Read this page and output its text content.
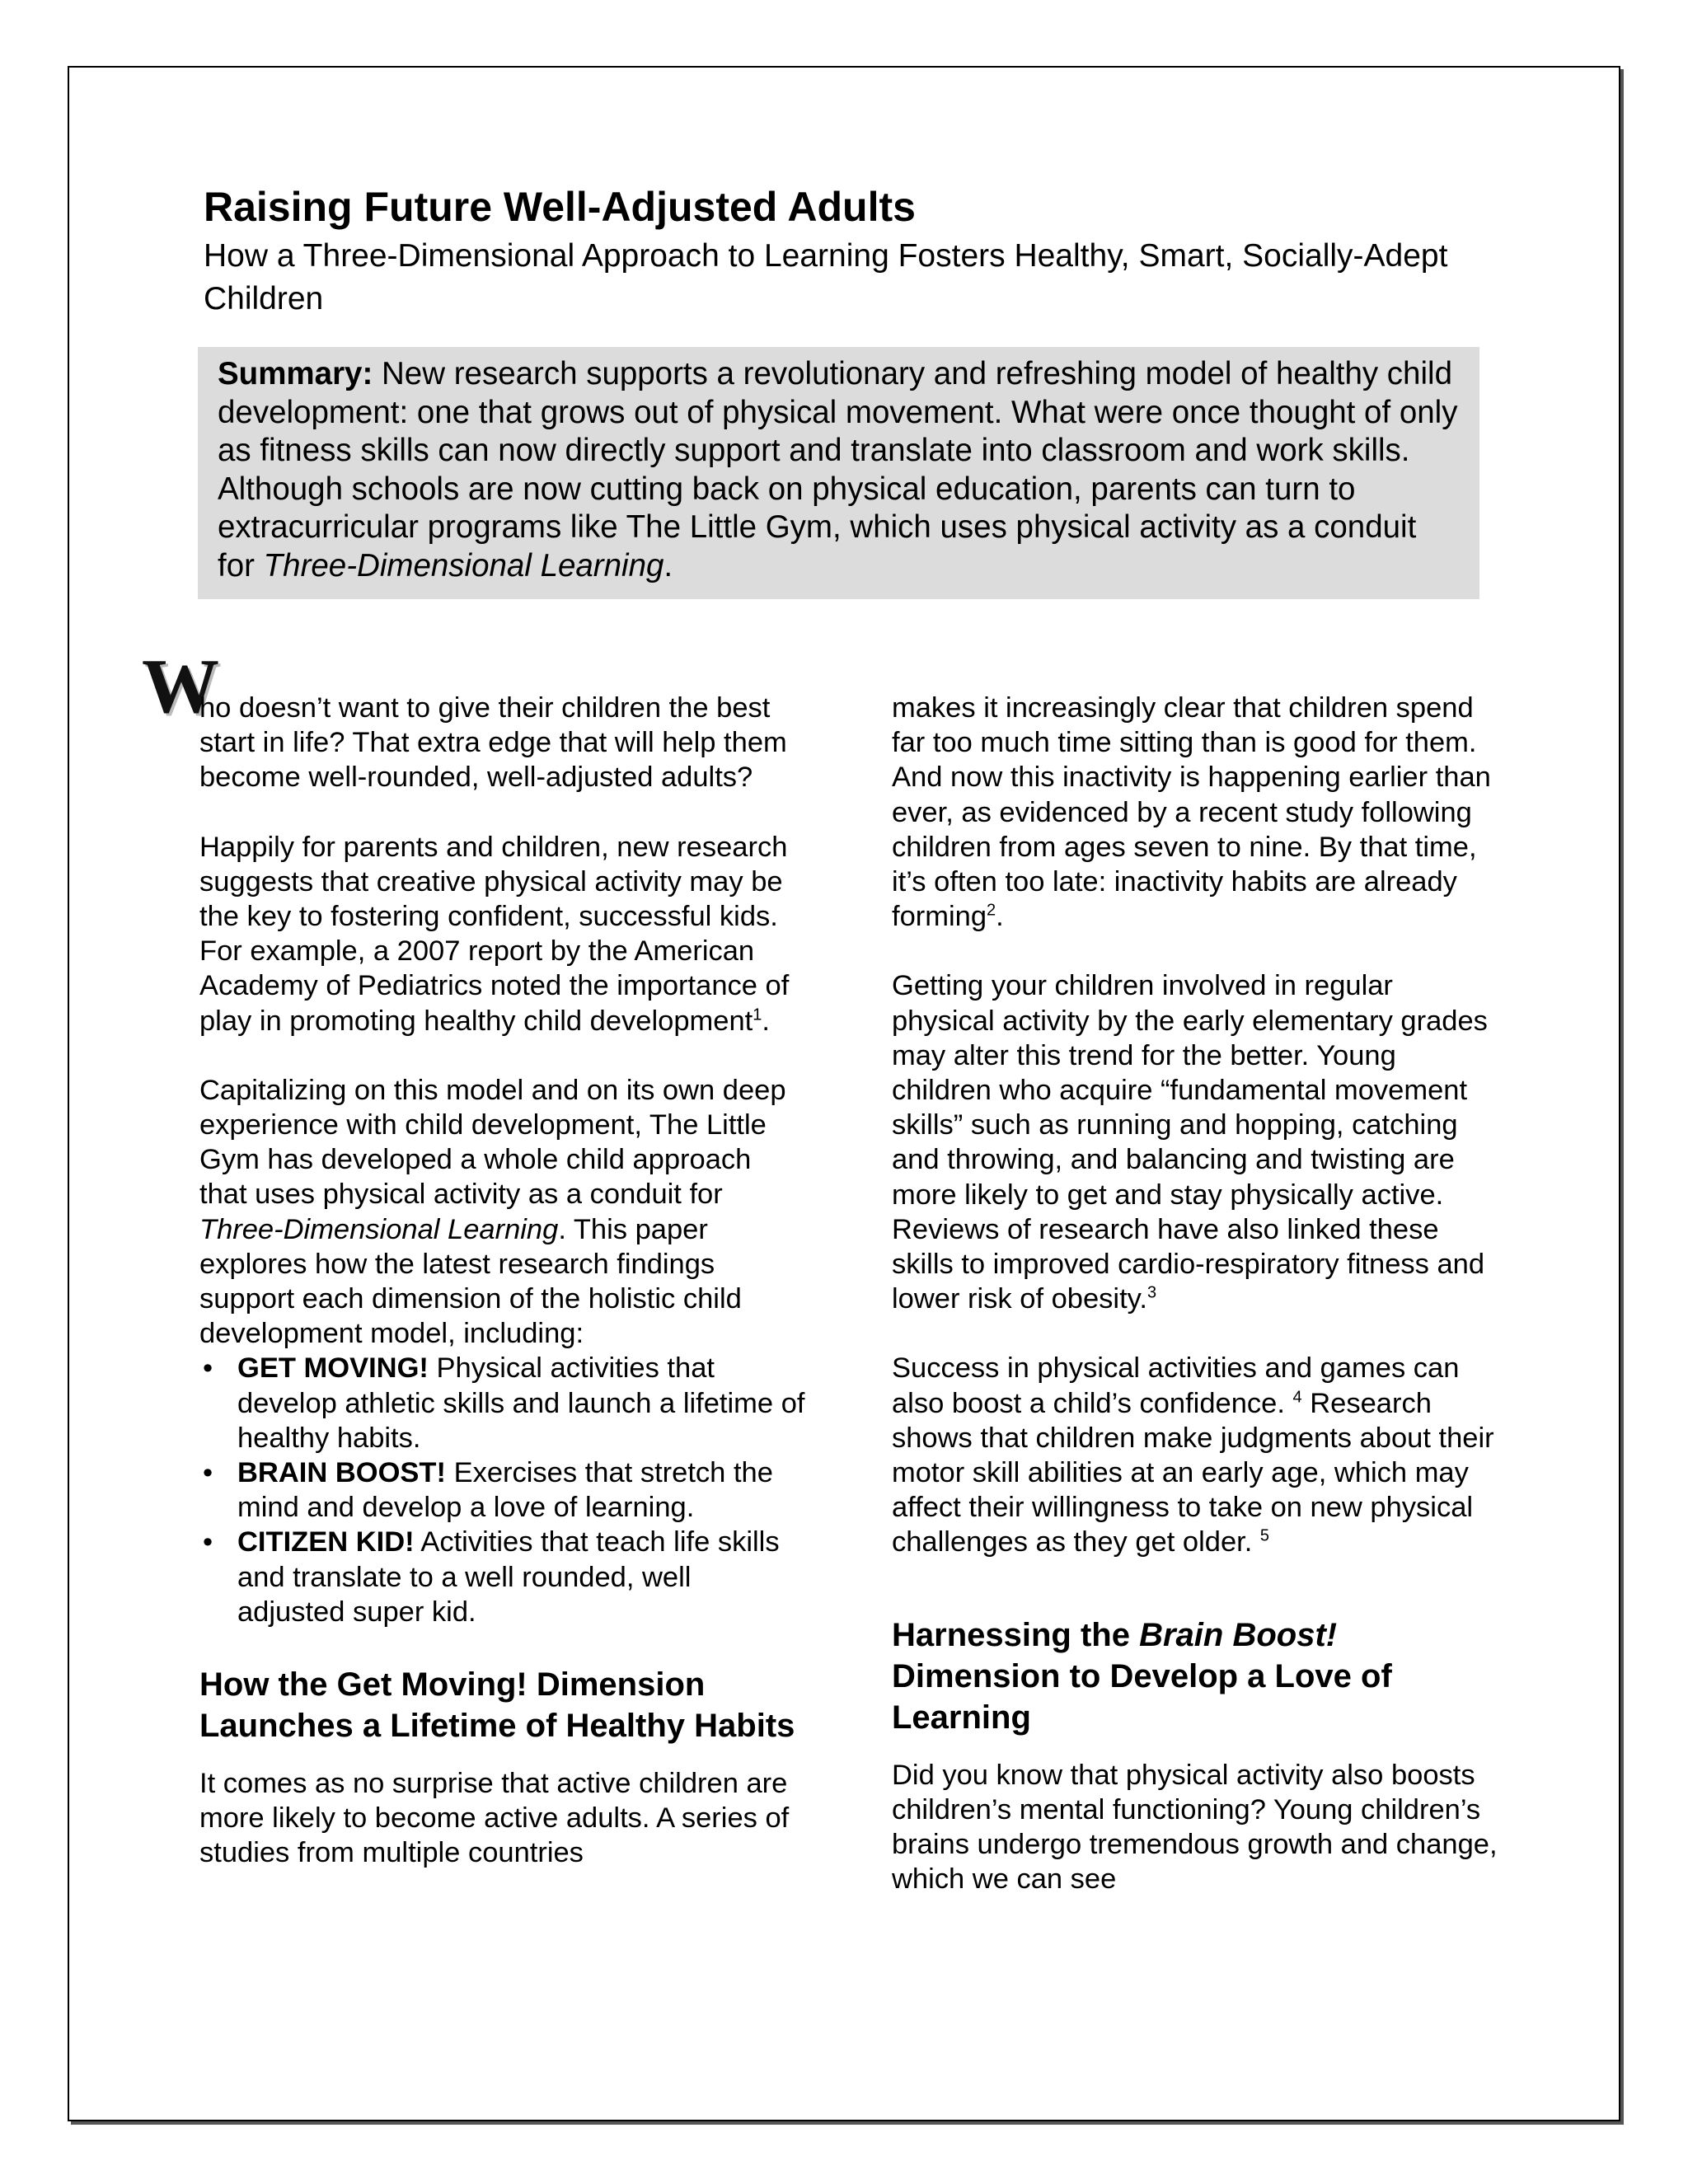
Raising Future Well-Adjusted Adults
How a Three-Dimensional Approach to Learning Fosters Healthy, Smart, Socially-Adept Children
Summary: New research supports a revolutionary and refreshing model of healthy child development: one that grows out of physical movement. What were once thought of only as fitness skills can now directly support and translate into classroom and work skills. Although schools are now cutting back on physical education, parents can turn to extracurricular programs like The Little Gym, which uses physical activity as a conduit for Three-Dimensional Learning.
W

ho doesn’t want to give their children the best start in life? That extra edge that will help them become well-rounded, well-adjusted adults?

Happily for parents and children, new research suggests that creative physical activity may be the key to fostering confident, successful kids. For example, a 2007 report by the American Academy of Pediatrics noted the importance of play in promoting healthy child development$^1$.

Capitalizing on this model and on its own deep experience with child development, The Little Gym has developed a whole child approach that uses physical activity as a conduit for Three-Dimensional Learning. This paper explores how the latest research findings support each dimension of the holistic child development model, including:

• GET MOVING! Physical activities that develop athletic skills and launch a lifetime of healthy habits.
• BRAIN BOOST! Exercises that stretch the mind and develop a love of learning.
• CITIZEN KID! Activities that teach life skills and translate to a well rounded, well adjusted super kid.
How the Get Moving! Dimension Launches a Lifetime of Healthy Habits

It comes as no surprise that active children are more likely to become active adults. A series of studies from multiple countries

makes it increasingly clear that children spend far too much time sitting than is good for them. And now this inactivity is happening earlier than ever, as evidenced by a recent study following children from ages seven to nine. By that time, it’s often too late: inactivity habits are already forming$^2$.

Getting your children involved in regular physical activity by the early elementary grades may alter this trend for the better. Young children who acquire “fundamental movement skills” such as running and hopping, catching and throwing, and balancing and twisting are more likely to get and stay physically active. Reviews of research have also linked these skills to improved cardio-respiratory fitness and lower risk of obesity.$^3$

Success in physical activities and games can also boost a child’s confidence. $^4$ Research shows that children make judgments about their motor skill abilities at an early age, which may affect their willingness to take on new physical challenges as they get older. $^5$

Harnessing the Brain Boost! Dimension to Develop a Love of Learning

Did you know that physical activity also boosts children’s mental functioning? Young children’s brains undergo tremendous growth and change, which we can see
